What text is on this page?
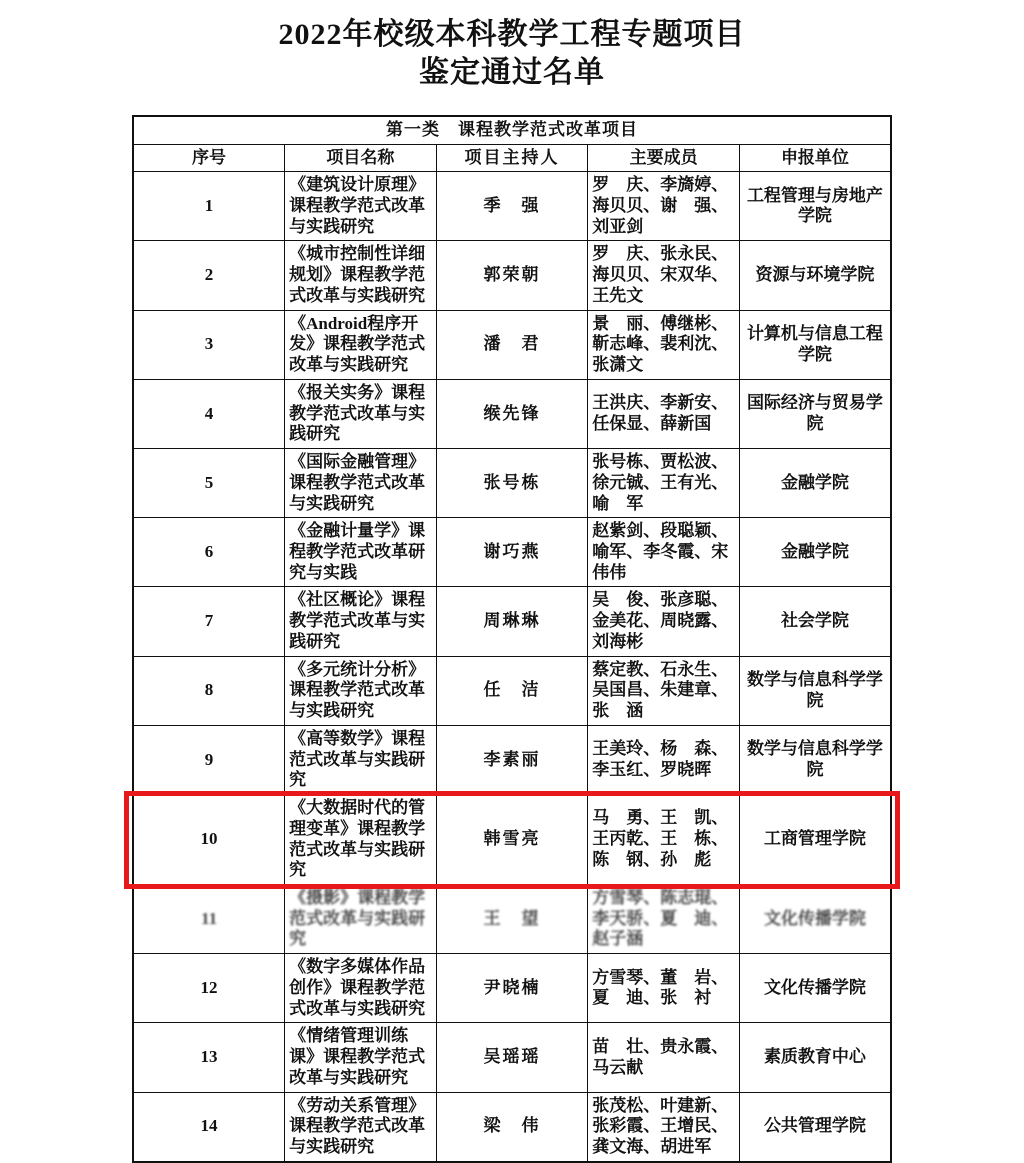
2022年校级本科教学工程专题项目
鉴定通过名单
第一类　课程教学范式改革项目				
序号	项目名称	项目主持人	主要成员	申报单位
1	《建筑设计原理》课程教学范式改革与实践研究	季　强	罗　庆、李旖婷、海贝贝、谢　强、刘亚剑	工程管理与房地产学院
2	《城市控制性详细规划》课程教学范式改革与实践研究	郭荣朝	罗　庆、张永民、海贝贝、宋双华、王先文	资源与环境学院
3	《Android程序开发》课程教学范式改革与实践研究	潘　君	景　丽、傅继彬、靳志峰、裴利沈、张潇文	计算机与信息工程学院
4	《报关实务》课程教学范式改革与实践研究	缑先锋	王洪庆、李新安、任保显、薛新国	国际经济与贸易学院
5	《国际金融管理》课程教学范式改革与实践研究	张号栋	张号栋、贾松波、徐元铖、王有光、喻　军	金融学院
6	《金融计量学》课程教学范式改革研究与实践	谢巧燕	赵紫剑、段聪颖、喻军、李冬霞、宋伟伟	金融学院
7	《社区概论》课程教学范式改革与实践研究	周琳琳	吴　俊、张彦聪、金美花、周晓露、刘海彬	社会学院
8	《多元统计分析》课程教学范式改革与实践研究	任　洁	蔡定教、石永生、吴国昌、朱建章、张　涵	数学与信息科学学院
9	《高等数学》课程范式改革与实践研究	李素丽	王美玲、杨　森、李玉红、罗晓晖	数学与信息科学学院
10	《大数据时代的管理变革》课程教学范式改革与实践研究	韩雪亮	马　勇、王　凯、王丙乾、王　栋、陈　钢、孙　彪	工商管理学院
11	《摄影》课程教学范式改革与实践研究	王　望	方雪琴、陈志琨、李天骄、夏　迪、赵子涵	文化传播学院
12	《数字多媒体作品创作》课程教学范式改革与实践研究	尹晓楠	方雪琴、董　岩、夏　迪、张　衬	文化传播学院
13	《情绪管理训练课》课程教学范式改革与实践研究	吴瑶瑶	苗　壮、贵永霞、马云献	素质教育中心
14	《劳动关系管理》课程教学范式改革与实践研究	梁　伟	张茂松、叶建新、张彩霞、王增民、龚文海、胡进军	公共管理学院
